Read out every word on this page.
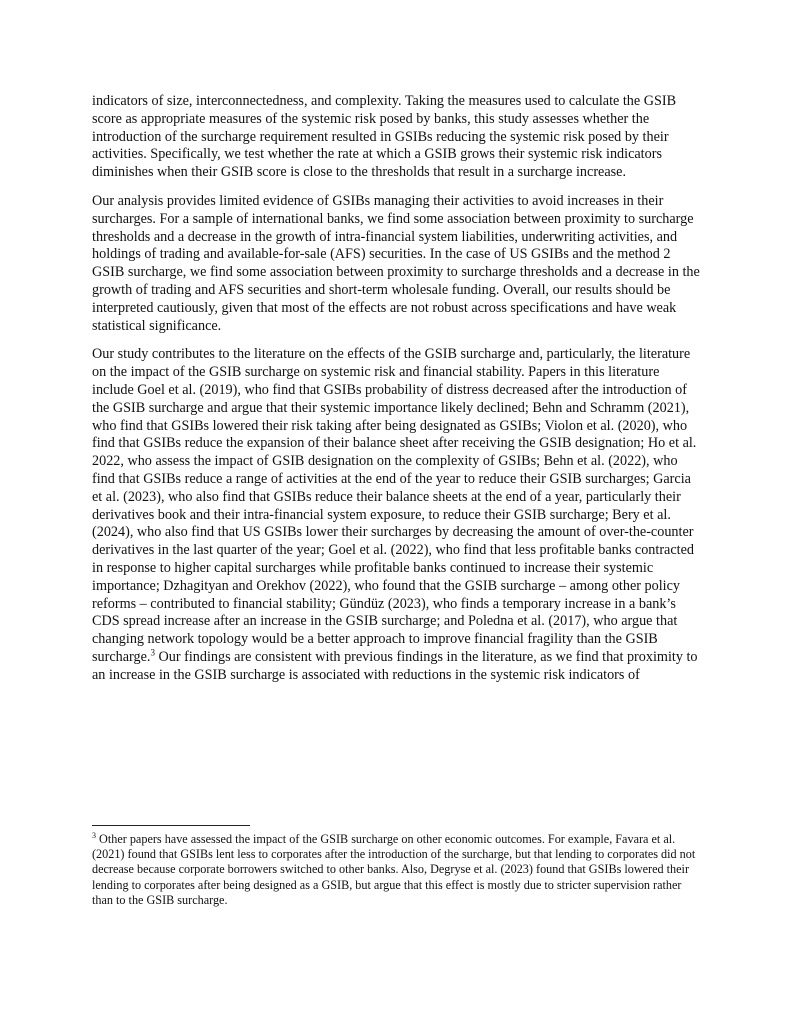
indicators of size, interconnectedness, and complexity. Taking the measures used to calculate the GSIB score as appropriate measures of the systemic risk posed by banks, this study assesses whether the introduction of the surcharge requirement resulted in GSIBs reducing the systemic risk posed by their activities. Specifically, we test whether the rate at which a GSIB grows their systemic risk indicators diminishes when their GSIB score is close to the thresholds that result in a surcharge increase.

Our analysis provides limited evidence of GSIBs managing their activities to avoid increases in their surcharges. For a sample of international banks, we find some association between proximity to surcharge thresholds and a decrease in the growth of intra-financial system liabilities, underwriting activities, and holdings of trading and available-for-sale (AFS) securities. In the case of US GSIBs and the method 2 GSIB surcharge, we find some association between proximity to surcharge thresholds and a decrease in the growth of trading and AFS securities and short-term wholesale funding. Overall, our results should be interpreted cautiously, given that most of the effects are not robust across specifications and have weak statistical significance.

Our study contributes to the literature on the effects of the GSIB surcharge and, particularly, the literature on the impact of the GSIB surcharge on systemic risk and financial stability. Papers in this literature include Goel et al. (2019), who find that GSIBs probability of distress decreased after the introduction of the GSIB surcharge and argue that their systemic importance likely declined; Behn and Schramm (2021), who find that GSIBs lowered their risk taking after being designated as GSIBs; Violon et al. (2020), who find that GSIBs reduce the expansion of their balance sheet after receiving the GSIB designation; Ho et al. 2022, who assess the impact of GSIB designation on the complexity of GSIBs; Behn et al. (2022), who find that GSIBs reduce a range of activities at the end of the year to reduce their GSIB surcharges; Garcia et al. (2023), who also find that GSIBs reduce their balance sheets at the end of a year, particularly their derivatives book and their intra-financial system exposure, to reduce their GSIB surcharge; Bery et al. (2024), who also find that US GSIBs lower their surcharges by decreasing the amount of over-the-counter derivatives in the last quarter of the year; Goel et al. (2022), who find that less profitable banks contracted in response to higher capital surcharges while profitable banks continued to increase their systemic importance; Dzhagityan and Orekhov (2022), who found that the GSIB surcharge – among other policy reforms – contributed to financial stability; Gündüz (2023), who finds a temporary increase in a bank’s CDS spread increase after an increase in the GSIB surcharge; and Poledna et al. (2017), who argue that changing network topology would be a better approach to improve financial fragility than the GSIB surcharge.$^3$ Our findings are consistent with previous findings in the literature, as we find that proximity to an increase in the GSIB surcharge is associated with reductions in the systemic risk indicators of

$^3$ Other papers have assessed the impact of the GSIB surcharge on other economic outcomes. For example, Favara et al. (2021) found that GSIBs lent less to corporates after the introduction of the surcharge, but that lending to corporates did not decrease because corporate borrowers switched to other banks. Also, Degryse et al. (2023) found that GSIBs lowered their lending to corporates after being designed as a GSIB, but argue that this effect is mostly due to stricter supervision rather than to the GSIB surcharge.
